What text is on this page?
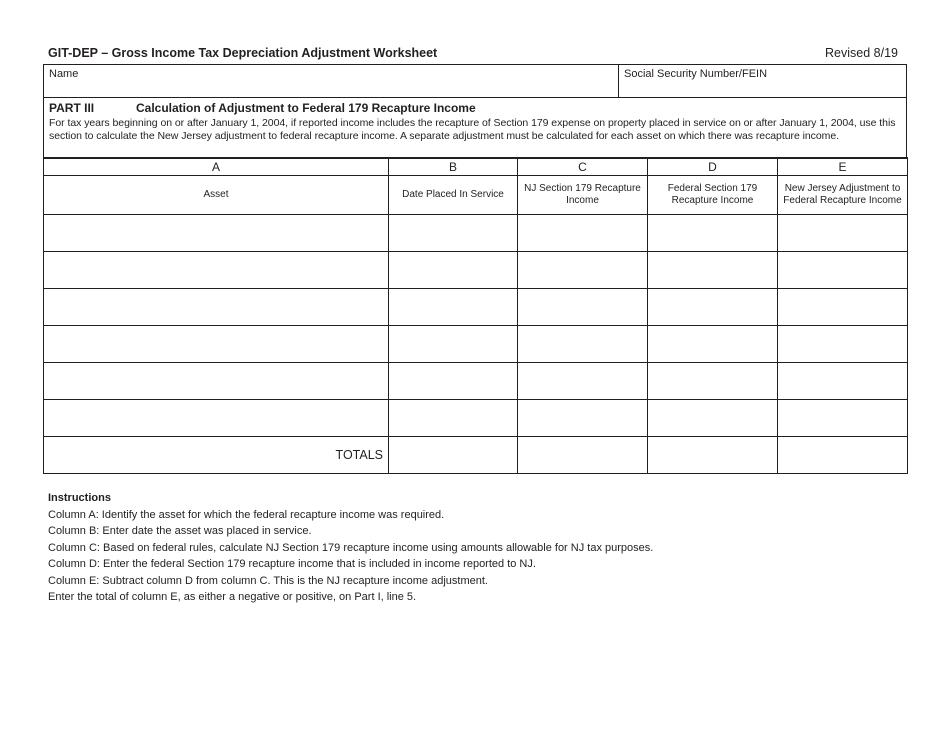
GIT-DEP – Gross Income Tax Depreciation Adjustment Worksheet	Revised 8/19
Name	Social Security Number/FEIN
PART III	Calculation of Adjustment to Federal 179 Recapture Income
For tax years beginning on or after January 1, 2004, if reported income includes the recapture of Section 179 expense on property placed in service on or after January 1, 2004, use this section to calculate the New Jersey adjustment to federal recapture income. A separate adjustment must be calculated for each asset on which there was recapture income.
A	B	C	D	E
Asset	Date Placed In Service	NJ Section 179 Recapture Income	Federal Section 179 Recapture Income	New Jersey Adjustment to Federal Recapture Income

TOTALS				

Instructions

Column A: Identify the asset for which the federal recapture income was required.

Column B: Enter date the asset was placed in service.

Column C: Based on federal rules, calculate NJ Section 179 recapture income using amounts allowable for NJ tax purposes.

Column D: Enter the federal Section 179 recapture income that is included in income reported to NJ.

Column E: Subtract column D from column C. This is the NJ recapture income adjustment.

Enter the total of column E, as either a negative or positive, on Part I, line 5.
